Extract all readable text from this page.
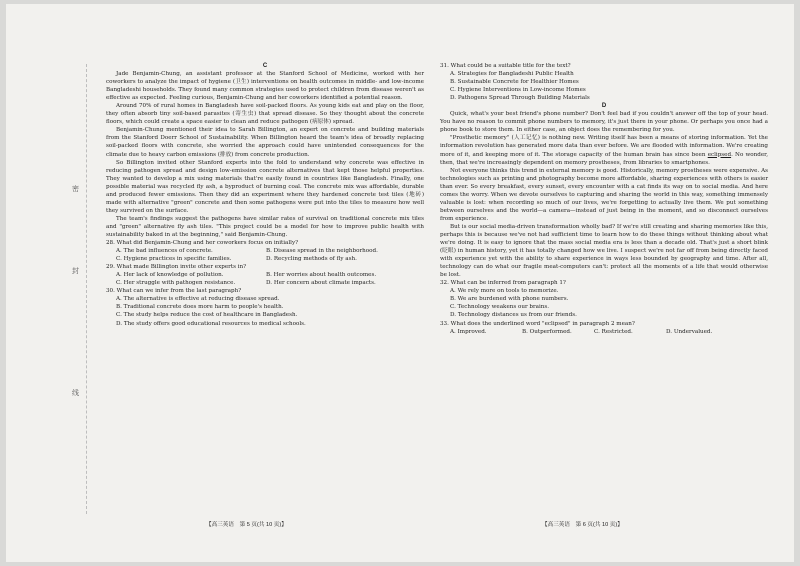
密
封
线

C

Jade Benjamin-Chung, an assistant professor at the Stanford School of Medicine, worked with her coworkers to analyze the impact of hygiene (卫生) interventions on health outcomes in middle- and low-income Bangladeshi households. They found many common strategies used to protect children from disease weren't as effective as expected. Feeling curious, Benjamin-Chung and her coworkers identified a potential reason.

Around 70% of rural homes in Bangladesh have soil-packed floors. As young kids eat and play on the floor, they often absorb tiny soil-based parasites (寄生虫) that spread disease. So they thought about the concrete floors, which could create a space easier to clean and reduce pathogen (病原体) spread.

Benjamin-Chung mentioned their idea to Sarah Billington, an expert on concrete and building materials from the Stanford Doerr School of Sustainability. When Billington heard the team's idea of broadly replacing soil-packed floors with concrete, she worried the approach could have unintended consequences for the climate due to heavy carbon emissions (排放) from concrete production.

So Billington invited other Stanford experts into the fold to understand why concrete was effective in reducing pathogen spread and design low-emission concrete alternatives that kept those helpful properties. They wanted to develop a mix using materials that're easily found in countries like Bangladesh. Finally, one possible material was recycled fly ash, a byproduct of burning coal. The concrete mix was affordable, durable and produced fewer emissions. Then they did an experiment where they hardened concrete test tiles (地砖) made with alternative "green" concrete and then some pathogens were put into the tiles to measure how well they survived on the surface.

The team's findings suggest the pathogens have similar rates of survival on traditional concrete mix tiles and "green" alternative fly ash tiles. "This project could be a model for how to improve public health with sustainability baked in at the beginning," said Benjamin-Chung.

28. What did Benjamin-Chung and her coworkers focus on initially?

A. The bad influences of concrete.	B. Disease spread in the neighborhood.
C. Hygiene practices in specific families.	D. Recycling methods of fly ash.

29. What made Billington invite other experts in?

A. Her lack of knowledge of pollution.	B. Her worries about health outcomes.
C. Her struggle with pathogen resistance.	D. Her concern about climate impacts.

30. What can we infer from the last paragraph?

A. The alternative is effective at reducing disease spread.

B. Traditional concrete does more harm to people's health.

C. The study helps reduce the cost of healthcare in Bangladesh.

D. The study offers good educational resources to medical schools.

【高三英语　第 5 页(共 10 页)】

31. What could be a suitable title for the text?

A. Strategies for Bangladeshi Public Health

B. Sustainable Concrete for Healthier Homes

C. Hygiene Interventions in Low-income Homes

D. Pathogens Spread Through Building Materials

D

Quick, what's your best friend's phone number? Don't feel bad if you couldn't answer off the top of your head. You have no reason to commit phone numbers to memory, it's just there in your phone. Or perhaps you once had a phone book to store them. In either case, an object does the remembering for you.

"Prosthetic memory" (人工记忆) is nothing new. Writing itself has been a means of storing information. Yet the information revolution has generated more data than ever before. We are flooded with information. We're creating more of it, and keeping more of it. The storage capacity of the human brain has since been eclipsed. No wonder, then, that we're increasingly dependent on memory prostheses, from libraries to smartphones.

Not everyone thinks this trend in external memory is good. Historically, memory prostheses were expensive. As technologies such as printing and photography become more affordable, sharing experiences with others is easier than ever. So every breakfast, every sunset, every encounter with a cat finds its way on to social media. And here comes the worry. When we devote ourselves to capturing and sharing the world in this way, something immensely valuable is lost: when recording so much of our lives, we're forgetting to actually live them. We put something between ourselves and the world—a camera—instead of just being in the moment, and so disconnect ourselves from experience.

But is our social media-driven transformation wholly bad? If we're still creating and sharing memories like this, perhaps this is because we've not had sufficient time to learn how to do these things without thinking about what we're doing. It is easy to ignore that the mass social media era is less than a decade old. That's just a short blink (眨眼) in human history, yet it has totally changed how we live. I suspect we're not far off from being directly faced with experience yet with the ability to share experience in ways less bounded by geography and time. After all, technology can do what our fragile meat-computers can't: protect all the moments of a life that would otherwise be lost.

32. What can be inferred from paragraph 1?

A. We rely more on tools to memorize.

B. We are burdened with phone numbers.

C. Technology weakens our brains.

D. Technology distances us from our friends.

33. What does the underlined word "eclipsed" in paragraph 2 mean?

A. Improved.	B. Outperformed.	C. Restricted.	D. Undervalued.
【高三英语　第 6 页(共 10 页)】
